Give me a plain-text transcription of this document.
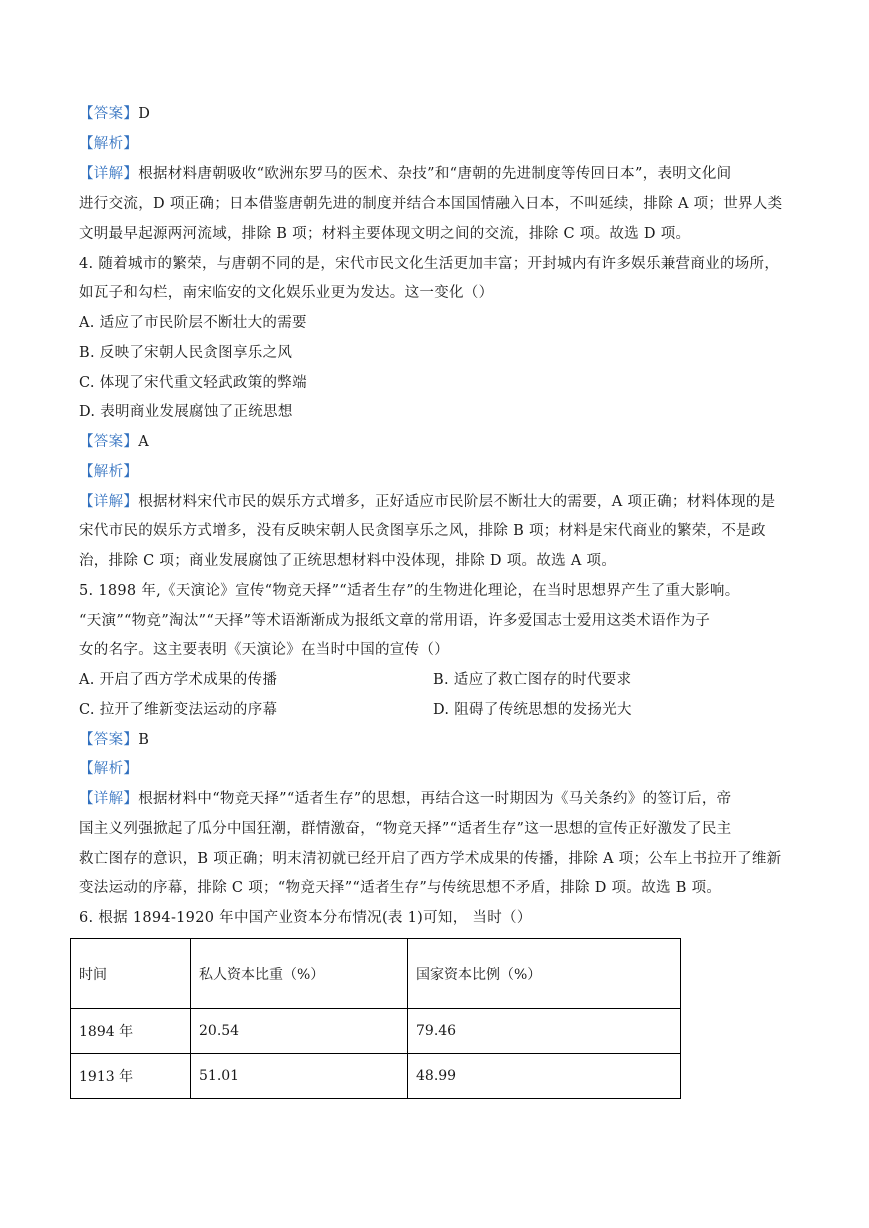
【答案】D
【解析】
【详解】根据材料唐朝吸收“欧洲东罗马的医术、杂技”和“唐朝的先进制度等传回日本”，表明文化间
进行交流，D 项正确；日本借鉴唐朝先进的制度并结合本国国情融入日本，不叫延续，排除 A 项；世界人类
文明最早起源两河流域，排除 B 项；材料主要体现文明之间的交流，排除 C 项。故选 D 项。
4. 随着城市的繁荣，与唐朝不同的是，宋代市民文化生活更加丰富；开封城内有许多娱乐兼营商业的场所，
如瓦子和勾栏，南宋临安的文化娱乐业更为发达。这一变化（）
A. 适应了市民阶层不断壮大的需要
B. 反映了宋朝人民贪图享乐之风
C. 体现了宋代重文轻武政策的弊端
D. 表明商业发展腐蚀了正统思想
【答案】A
【解析】
【详解】根据材料宋代市民的娱乐方式增多，正好适应市民阶层不断壮大的需要，A 项正确；材料体现的是
宋代市民的娱乐方式增多，没有反映宋朝人民贪图享乐之风，排除 B 项；材料是宋代商业的繁荣，不是政
治，排除 C 项；商业发展腐蚀了正统思想材料中没体现，排除 D 项。故选 A 项。
5. 1898 年,《天演论》宣传“物竞天择”“适者生存”的生物进化理论，在当时思想界产生了重大影响。
“天演”“物竞”淘汰”“天择”等术语渐渐成为报纸文章的常用语，许多爱国志士爱用这类术语作为子
女的名字。这主要表明《天演论》在当时中国的宣传（）
A. 开启了西方学术成果的传播	B. 适应了救亡图存的时代要求
C. 拉开了维新变法运动的序幕	D. 阻碍了传统思想的发扬光大
【答案】B
【解析】
【详解】根据材料中“物竞天择”“适者生存”的思想，再结合这一时期因为《马关条约》的签订后，帝
国主义列强掀起了瓜分中国狂潮，群情激奋，“物竞天择”“适者生存”这一思想的宣传正好激发了民主
救亡图存的意识，B 项正确；明末清初就已经开启了西方学术成果的传播，排除 A 项；公车上书拉开了维新
变法运动的序幕，排除 C 项；“物竞天择”“适者生存”与传统思想不矛盾，排除 D 项。故选 B 项。
6. 根据 1894-1920 年中国产业资本分布情况(表 1)可知， 当时（）
时间	私人资本比重（%）	国家资本比例（%）
1894 年	20.54	79.46
1913 年	51.01	48.99
